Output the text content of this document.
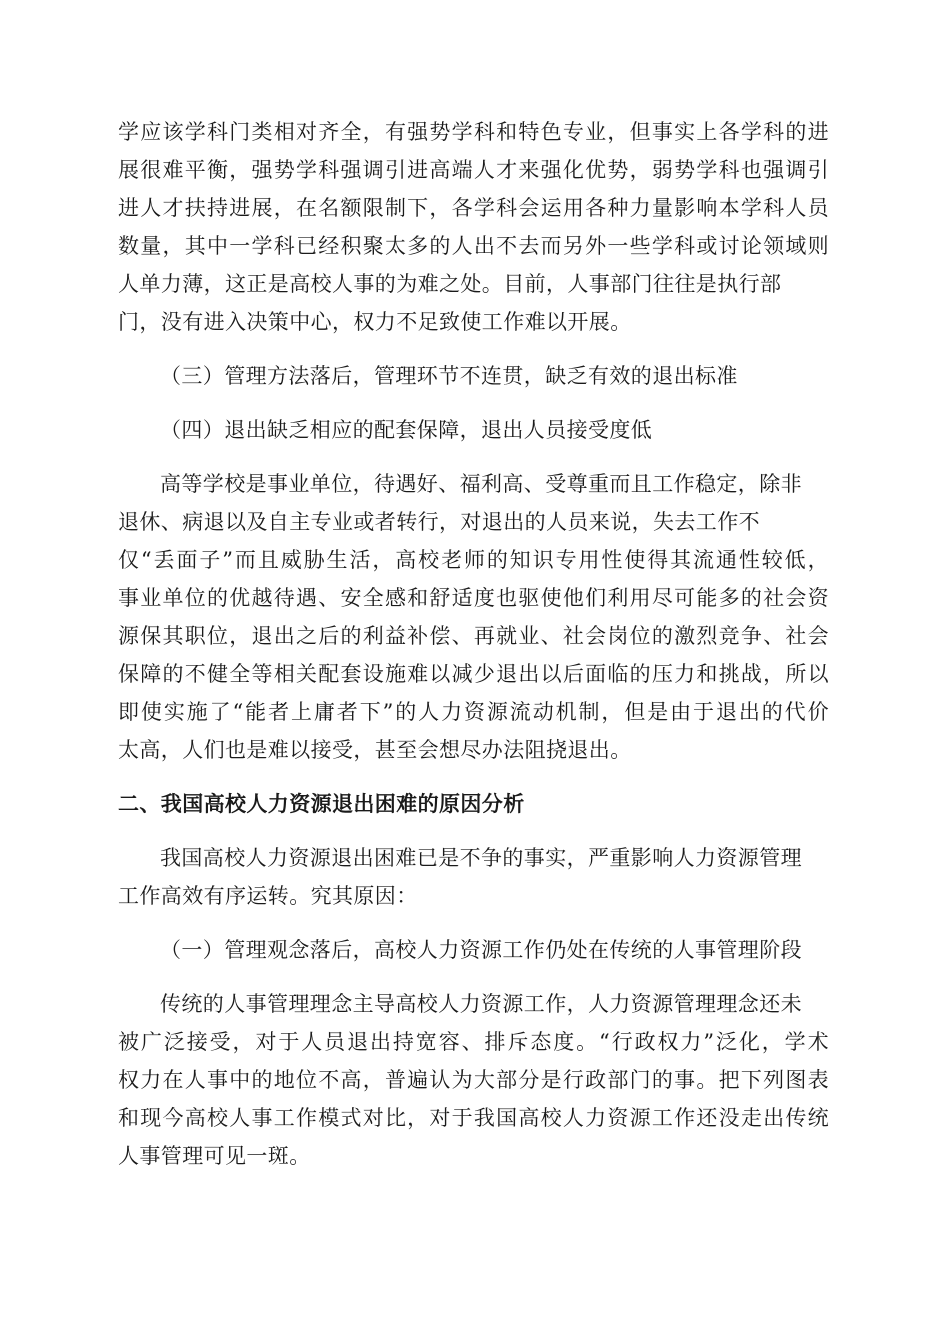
学应该学科门类相对齐全，有强势学科和特色专业，但事实上各学科的进
展很难平衡，强势学科强调引进高端人才来强化优势，弱势学科也强调引
进人才扶持进展，在名额限制下，各学科会运用各种力量影响本学科人员
数量，其中一学科已经积聚太多的人出不去而另外一些学科或讨论领域则
人单力薄，这正是高校人事的为难之处。目前，人事部门往往是执行部
门，没有进入决策中心，权力不足致使工作难以开展。
（三）管理方法落后，管理环节不连贯，缺乏有效的退出标准
（四）退出缺乏相应的配套保障，退出人员接受度低
高等学校是事业单位，待遇好、福利高、受尊重而且工作稳定，除非
退休、病退以及自主专业或者转行，对退出的人员来说，失去工作不
仅“丢面子”而且威胁生活，高校老师的知识专用性使得其流通性较低，
事业单位的优越待遇、安全感和舒适度也驱使他们利用尽可能多的社会资
源保其职位，退出之后的利益补偿、再就业、社会岗位的激烈竞争、社会
保障的不健全等相关配套设施难以减少退出以后面临的压力和挑战，所以
即使实施了“能者上庸者下”的人力资源流动机制，但是由于退出的代价
太高，人们也是难以接受，甚至会想尽办法阻挠退出。
二、我国高校人力资源退出困难的原因分析
我国高校人力资源退出困难已是不争的事实，严重影响人力资源管理
工作高效有序运转。究其原因：
（一）管理观念落后，高校人力资源工作仍处在传统的人事管理阶段
传统的人事管理理念主导高校人力资源工作，人力资源管理理念还未
被广泛接受，对于人员退出持宽容、排斥态度。“行政权力”泛化，学术
权力在人事中的地位不高，普遍认为大部分是行政部门的事。把下列图表
和现今高校人事工作模式对比，对于我国高校人力资源工作还没走出传统
人事管理可见一斑。
